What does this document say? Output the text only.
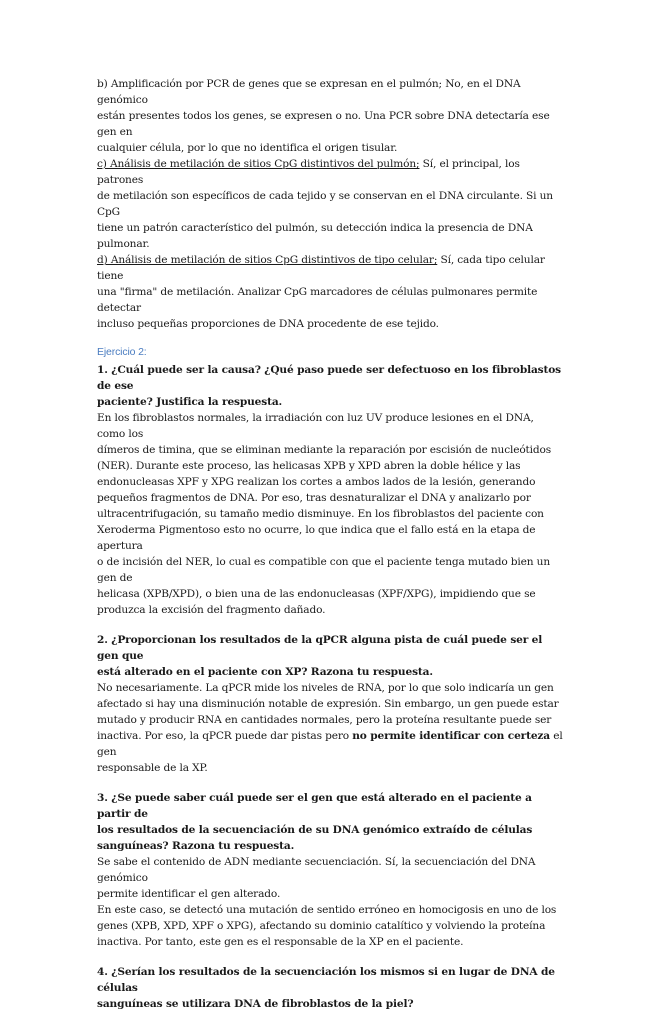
b) Amplificación por PCR de genes que se expresan en el pulmón; No, en el DNA genómico

están presentes todos los genes, se expresen o no. Una PCR sobre DNA detectaría ese gen en

cualquier célula, por lo que no identifica el origen tisular.

c) Análisis de metilación de sitios CpG distintivos del pulmón; Sí, el principal, los patrones

de metilación son específicos de cada tejido y se conservan en el DNA circulante. Si un CpG

tiene un patrón característico del pulmón, su detección indica la presencia de DNA

pulmonar.

d) Análisis de metilación de sitios CpG distintivos de tipo celular; Sí, cada tipo celular tiene

una "firma" de metilación. Analizar CpG marcadores de células pulmonares permite detectar

incluso pequeñas proporciones de DNA procedente de ese tejido.

Ejercicio 2:

1. ¿Cuál puede ser la causa? ¿Qué paso puede ser defectuoso en los fibroblastos de ese

paciente? Justifica la respuesta.

En los fibroblastos normales, la irradiación con luz UV produce lesiones en el DNA, como los

dímeros de timina, que se eliminan mediante la reparación por escisión de nucleótidos

(NER). Durante este proceso, las helicasas XPB y XPD abren la doble hélice y las

endonucleasas XPF y XPG realizan los cortes a ambos lados de la lesión, generando

pequeños fragmentos de DNA. Por eso, tras desnaturalizar el DNA y analizarlo por

ultracentrifugación, su tamaño medio disminuye. En los fibroblastos del paciente con

Xeroderma Pigmentoso esto no ocurre, lo que indica que el fallo está en la etapa de apertura

o de incisión del NER, lo cual es compatible con que el paciente tenga mutado bien un gen de

helicasa (XPB/XPD), o bien una de las endonucleasas (XPF/XPG), impidiendo que se

produzca la excisión del fragmento dañado.

2. ¿Proporcionan los resultados de la qPCR alguna pista de cuál puede ser el gen que

está alterado en el paciente con XP? Razona tu respuesta.

No necesariamente. La qPCR mide los niveles de RNA, por lo que solo indicaría un gen

afectado si hay una disminución notable de expresión. Sin embargo, un gen puede estar

mutado y producir RNA en cantidades normales, pero la proteína resultante puede ser

inactiva. Por eso, la qPCR puede dar pistas pero no permite identificar con certeza el gen

responsable de la XP.

3. ¿Se puede saber cuál puede ser el gen que está alterado en el paciente a partir de

los resultados de la secuenciación de su DNA genómico extraído de células

sanguíneas? Razona tu respuesta.

Se sabe el contenido de ADN mediante secuenciación. Sí, la secuenciación del DNA genómico

permite identificar el gen alterado.

En este caso, se detectó una mutación de sentido erróneo en homocigosis en uno de los

genes (XPB, XPD, XPF o XPG), afectando su dominio catalítico y volviendo la proteína

inactiva. Por tanto, este gen es el responsable de la XP en el paciente.

4. ¿Serían los resultados de la secuenciación los mismos si en lugar de DNA de células

sanguíneas se utilizara DNA de fibroblastos de la piel?
